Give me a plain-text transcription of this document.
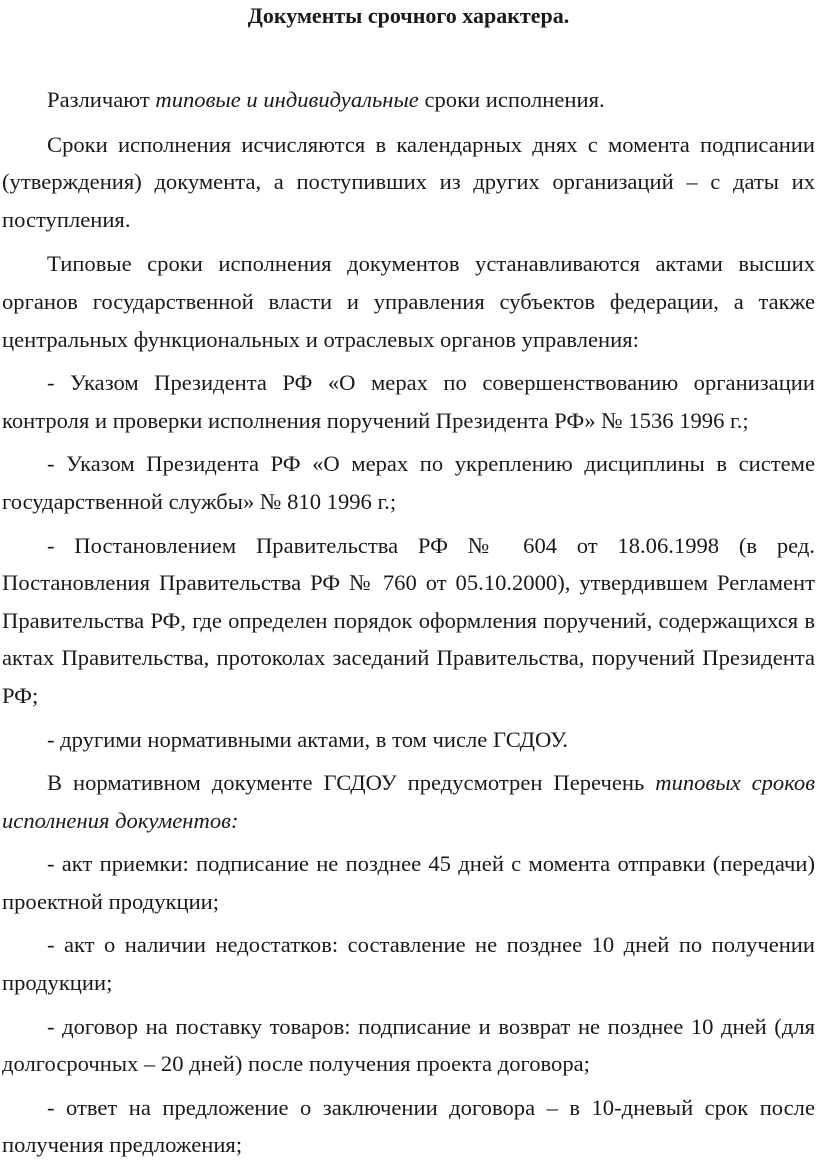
Документы срочного характера.

Различают типовые и индивидуальные сроки исполнения.

Сроки исполнения исчисляются в календарных днях с момента подписании (утверждения) документа, а поступивших из других организаций – с даты их поступления.

Типовые сроки исполнения документов устанавливаются актами высших органов государственной власти и управления субъектов федерации, а также центральных функциональных и отраслевых органов управления:

- Указом Президента РФ «О мерах по совершенствованию организации контроля и проверки исполнения поручений Президента РФ» № 1536 1996 г.;

- Указом Президента РФ «О мерах по укреплению дисциплины в системе государственной службы» № 810 1996 г.;

- Постановлением Правительства РФ № 604 от 18.06.1998 (в ред. Постановления Правительства РФ № 760 от 05.10.2000), утвердившем Регламент Правительства РФ, где определен порядок оформления поручений, содержащихся в актах Правительства, протоколах заседаний Правительства, поручений Президента РФ;

- другими нормативными актами, в том числе ГСДОУ.

В нормативном документе ГСДОУ предусмотрен Перечень типовых сроков исполнения документов:

- акт приемки: подписание не позднее 45 дней с момента отправки (передачи) проектной продукции;

- акт о наличии недостатков: составление не позднее 10 дней по получении продукции;

- договор на поставку товаров: подписание и возврат не позднее 10 дней (для долгосрочных – 20 дней) после получения проекта договора;

- ответ на предложение о заключении договора – в 10-дневый срок после получения предложения;
